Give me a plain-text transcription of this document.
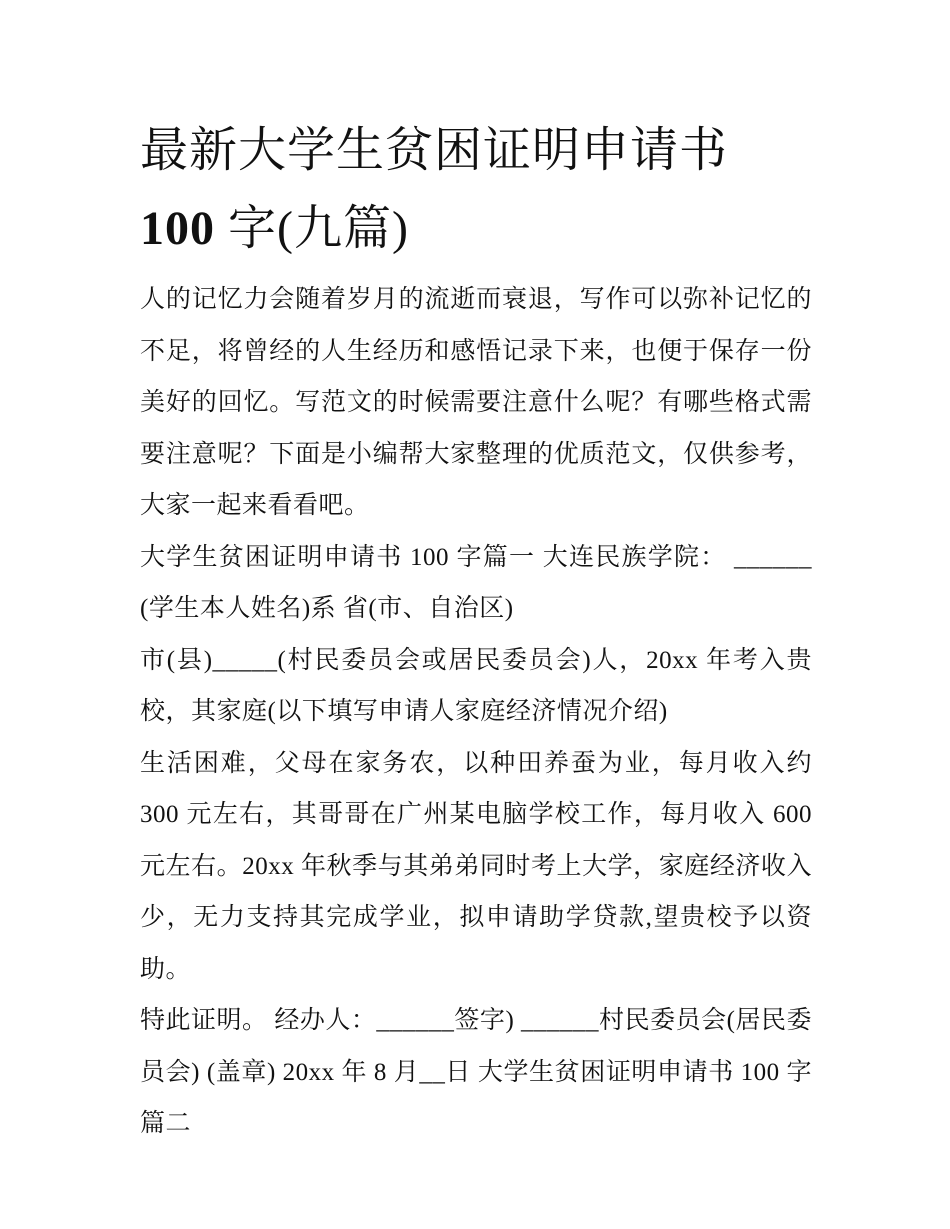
最新大学生贫困证明申请书
100 字(九篇)

人的记忆力会随着岁月的流逝而衰退，写作可以弥补记忆的不足，将曾经的人生经历和感悟记录下来，也便于保存一份美好的回忆。写范文的时候需要注意什么呢？有哪些格式需要注意呢？下面是小编帮大家整理的优质范文，仅供参考，大家一起来看看吧。

大学生贫困证明申请书 100 字篇一 大连民族学院： ______ (学生本人姓名)系 省(市、自治区)

市(县)_____(村民委员会或居民委员会)人，20xx 年考入贵校，其家庭(以下填写申请人家庭经济情况介绍)

生活困难，父母在家务农，以种田养蚕为业，每月收入约 300 元左右，其哥哥在广州某电脑学校工作，每月收入 600 元左右。20xx 年秋季与其弟弟同时考上大学，家庭经济收入少，无力支持其完成学业，拟申请助学贷款,望贵校予以资助。

特此证明。 经办人：______签字) ______村民委员会(居民委员会) (盖章) 20xx 年 8 月__日 大学生贫困证明申请书 100 字篇二
